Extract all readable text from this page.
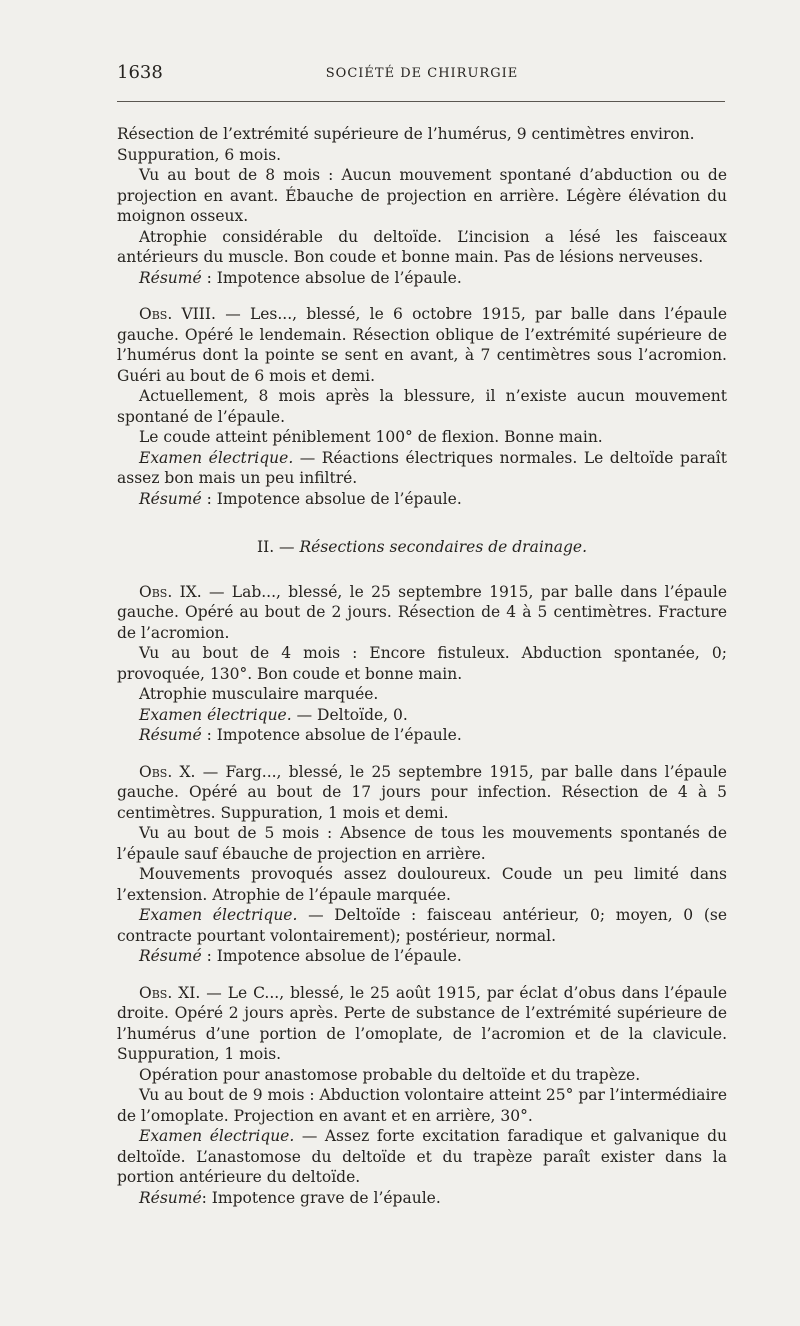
1638	SOCIÉTÉ DE CHIRURGIE

Résection de l’extrémité supérieure de l’humérus, 9 centimètres environ.
Suppuration, 6 mois.

Vu au bout de 8 mois : Aucun mouvement spontané d’abduction ou de projection en avant. Ébauche de projection en arrière. Légère élévation du moignon osseux.

Atrophie considérable du deltoïde. L’incision a lésé les faisceaux antérieurs du muscle. Bon coude et bonne main. Pas de lésions nerveuses.

Résumé : Impotence absolue de l’épaule.

Obs. VIII. — Les..., blessé, le 6 octobre 1915, par balle dans l’épaule gauche. Opéré le lendemain. Résection oblique de l’extrémité supérieure de l’humérus dont la pointe se sent en avant, à 7 centimètres sous l’acromion. Guéri au bout de 6 mois et demi.

Actuellement, 8 mois après la blessure, il n’existe aucun mouvement spontané de l’épaule.

Le coude atteint péniblement 100° de flexion. Bonne main.

Examen électrique. — Réactions électriques normales. Le deltoïde paraît assez bon mais un peu infiltré.

Résumé : Impotence absolue de l’épaule.

II. — Résections secondaires de drainage.

Obs. IX. — Lab..., blessé, le 25 septembre 1915, par balle dans l’épaule gauche. Opéré au bout de 2 jours. Résection de 4 à 5 centimètres. Fracture de l’acromion.

Vu au bout de 4 mois : Encore fistuleux. Abduction spontanée, 0; provoquée, 130°. Bon coude et bonne main.

Atrophie musculaire marquée.

Examen électrique. — Deltoïde, 0.

Résumé : Impotence absolue de l’épaule.

Obs. X. — Farg..., blessé, le 25 septembre 1915, par balle dans l’épaule gauche. Opéré au bout de 17 jours pour infection. Résection de 4 à 5 centimètres. Suppuration, 1 mois et demi.

Vu au bout de 5 mois : Absence de tous les mouvements spontanés de l’épaule sauf ébauche de projection en arrière.

Mouvements provoqués assez douloureux. Coude un peu limité dans l’extension. Atrophie de l’épaule marquée.

Examen électrique. — Deltoïde : faisceau antérieur, 0; moyen, 0 (se contracte pourtant volontairement); postérieur, normal.

Résumé : Impotence absolue de l’épaule.

Obs. XI. — Le C..., blessé, le 25 août 1915, par éclat d’obus dans l’épaule droite. Opéré 2 jours après. Perte de substance de l’extrémité supérieure de l’humérus d’une portion de l’omoplate, de l’acromion et de la clavicule. Suppuration, 1 mois.

Opération pour anastomose probable du deltoïde et du trapèze.

Vu au bout de 9 mois : Abduction volontaire atteint 25° par l’intermédiaire de l’omoplate. Projection en avant et en arrière, 30°.

Examen électrique. — Assez forte excitation faradique et galvanique du deltoïde. L’anastomose du deltoïde et du trapèze paraît exister dans la portion antérieure du deltoïde.

Résumé: Impotence grave de l’épaule.
